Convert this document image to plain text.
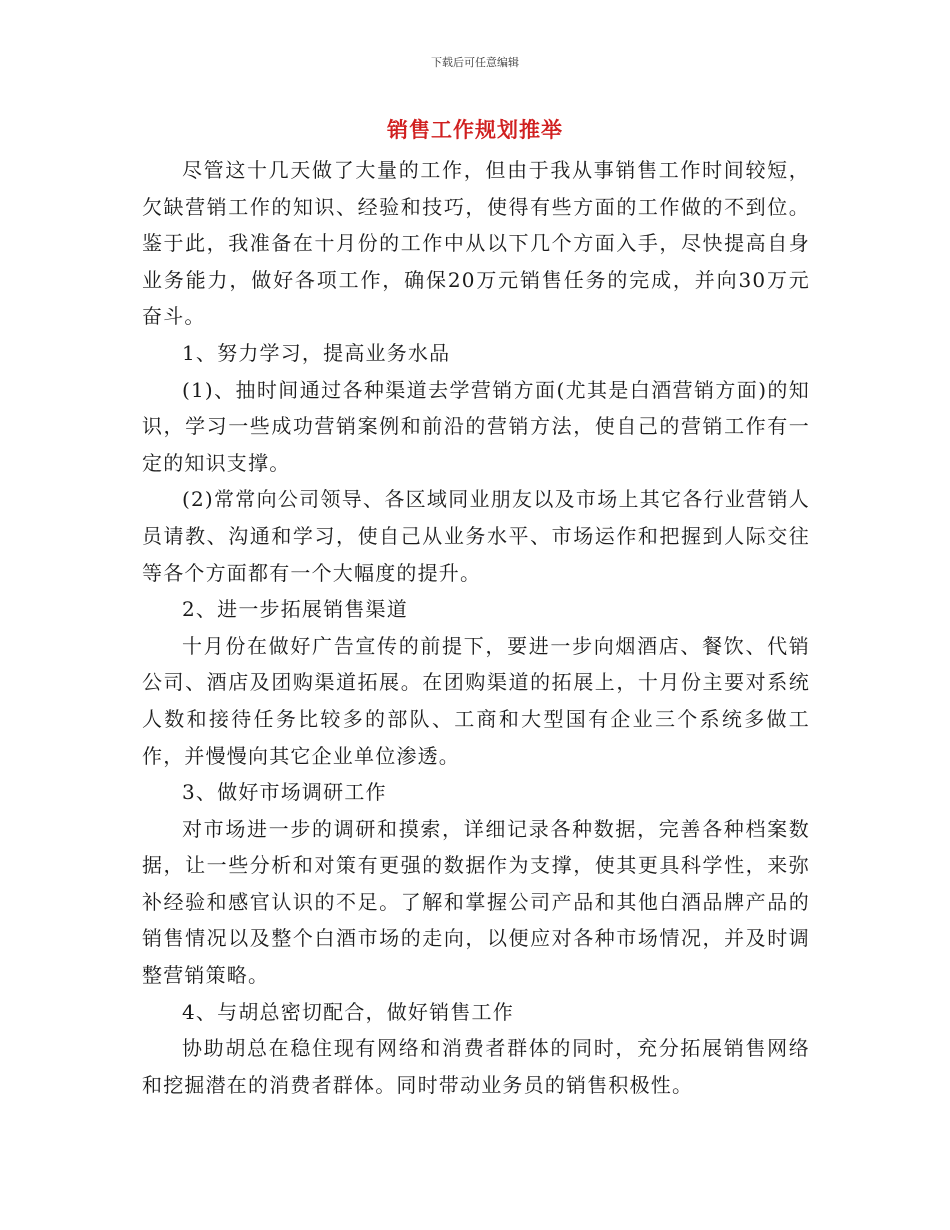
下载后可任意编辑
销售工作规划推举

尽管这十几天做了大量的工作，但由于我从事销售工作时间较短，欠缺营销工作的知识、经验和技巧，使得有些方面的工作做的不到位。鉴于此，我准备在十月份的工作中从以下几个方面入手，尽快提高自身业务能力，做好各项工作，确保20万元销售任务的完成，并向30万元奋斗。

1、努力学习，提高业务水品

(1)、抽时间通过各种渠道去学营销方面(尤其是白酒营销方面)的知识，学习一些成功营销案例和前沿的营销方法，使自己的营销工作有一定的知识支撑。

(2)常常向公司领导、各区域同业朋友以及市场上其它各行业营销人员请教、沟通和学习，使自己从业务水平、市场运作和把握到人际交往等各个方面都有一个大幅度的提升。

2、进一步拓展销售渠道

十月份在做好广告宣传的前提下，要进一步向烟酒店、餐饮、代销公司、酒店及团购渠道拓展。在团购渠道的拓展上，十月份主要对系统人数和接待任务比较多的部队、工商和大型国有企业三个系统多做工作，并慢慢向其它企业单位渗透。

3、做好市场调研工作

对市场进一步的调研和摸索，详细记录各种数据，完善各种档案数据，让一些分析和对策有更强的数据作为支撑，使其更具科学性，来弥补经验和感官认识的不足。了解和掌握公司产品和其他白酒品牌产品的销售情况以及整个白酒市场的走向，以便应对各种市场情况，并及时调整营销策略。

4、与胡总密切配合，做好销售工作

协助胡总在稳住现有网络和消费者群体的同时，充分拓展销售网络和挖掘潜在的消费者群体。同时带动业务员的销售积极性。
